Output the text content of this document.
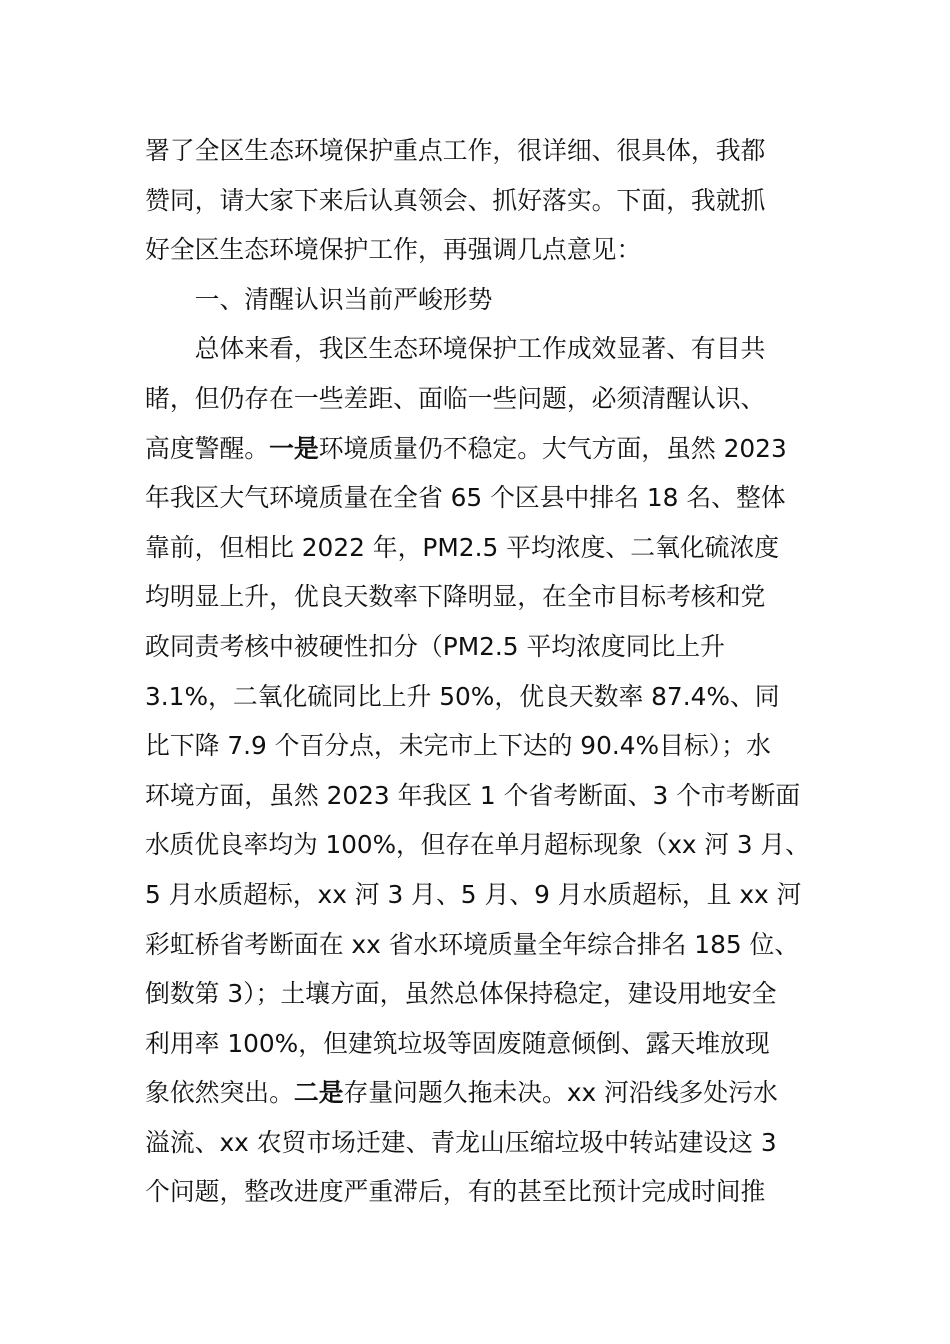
署了全区生态环境保护重点工作，很详细、很具体，我都
赞同，请大家下来后认真领会、抓好落实。下面，我就抓
好全区生态环境保护工作，再强调几点意见：
一、清醒认识当前严峻形势
总体来看，我区生态环境保护工作成效显著、有目共
睹，但仍存在一些差距、面临一些问题，必须清醒认识、
高度警醒。一是环境质量仍不稳定。大气方面，虽然 2023
年我区大气环境质量在全省 65 个区县中排名 18 名、整体
靠前，但相比 2022 年，PM2.5 平均浓度、二氧化硫浓度
均明显上升，优良天数率下降明显，在全市目标考核和党
政同责考核中被硬性扣分（PM2.5 平均浓度同比上升
3.1%，二氧化硫同比上升 50%，优良天数率 87.4%、同
比下降 7.9 个百分点，未完市上下达的 90.4%目标）；水
环境方面，虽然 2023 年我区 1 个省考断面、3 个市考断面
水质优良率均为 100%，但存在单月超标现象（xx 河 3 月、
5 月水质超标，xx 河 3 月、5 月、9 月水质超标，且 xx 河
彩虹桥省考断面在 xx 省水环境质量全年综合排名 185 位、
倒数第 3）；土壤方面，虽然总体保持稳定，建设用地安全
利用率 100%，但建筑垃圾等固废随意倾倒、露天堆放现
象依然突出。二是存量问题久拖未决。xx 河沿线多处污水
溢流、xx 农贸市场迁建、青龙山压缩垃圾中转站建设这 3
个问题，整改进度严重滞后，有的甚至比预计完成时间推
